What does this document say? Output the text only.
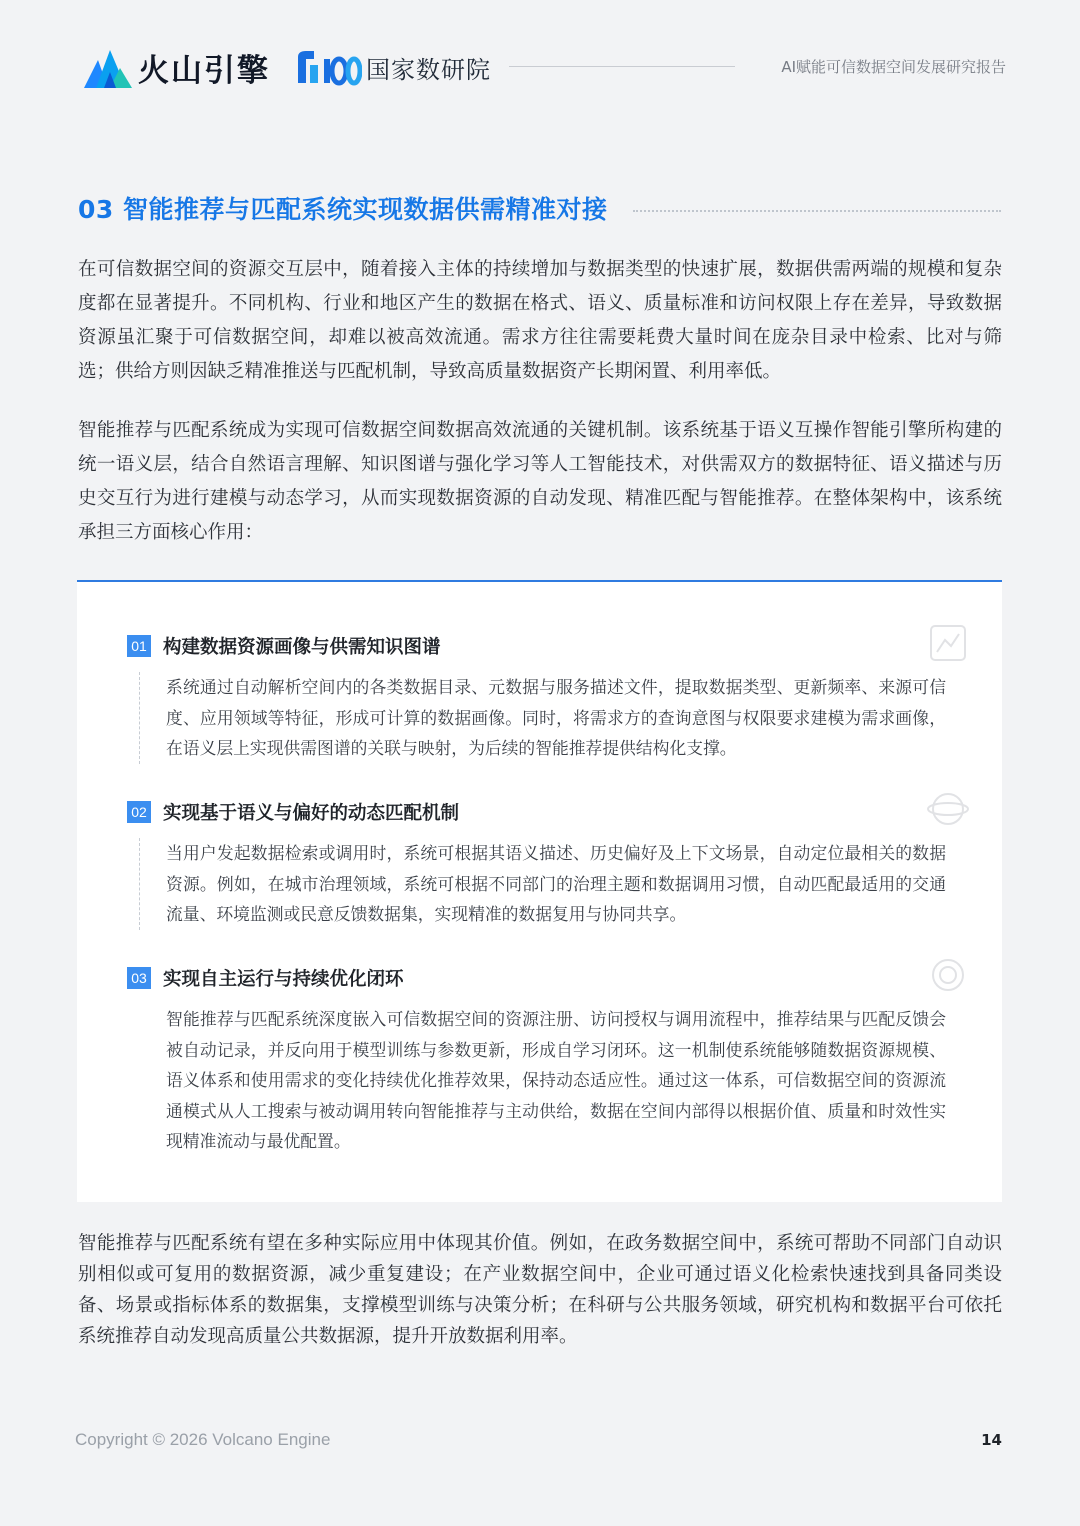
火山引擎	国家数研院	AI赋能可信数据空间发展研究报告
03 智能推荐与匹配系统实现数据供需精准对接
在可信数据空间的资源交互层中，随着接入主体的持续增加与数据类型的快速扩展，数据供需两端的规模和复杂度都在显著提升。不同机构、行业和地区产生的数据在格式、语义、质量标准和访问权限上存在差异，导致数据资源虽汇聚于可信数据空间，却难以被高效流通。需求方往往需要耗费大量时间在庞杂目录中检索、比对与筛选；供给方则因缺乏精准推送与匹配机制，导致高质量数据资产长期闲置、利用率低。
智能推荐与匹配系统成为实现可信数据空间数据高效流通的关键机制。该系统基于语义互操作智能引擎所构建的统一语义层，结合自然语言理解、知识图谱与强化学习等人工智能技术，对供需双方的数据特征、语义描述与历史交互行为进行建模与动态学习，从而实现数据资源的自动发现、精准匹配与智能推荐。在整体架构中，该系统承担三方面核心作用：
01 构建数据资源画像与供需知识图谱
系统通过自动解析空间内的各类数据目录、元数据与服务描述文件，提取数据类型、更新频率、来源可信度、应用领域等特征，形成可计算的数据画像。同时，将需求方的查询意图与权限要求建模为需求画像，在语义层上实现供需图谱的关联与映射，为后续的智能推荐提供结构化支撑。
02 实现基于语义与偏好的动态匹配机制
当用户发起数据检索或调用时，系统可根据其语义描述、历史偏好及上下文场景，自动定位最相关的数据资源。例如，在城市治理领域，系统可根据不同部门的治理主题和数据调用习惯，自动匹配最适用的交通流量、环境监测或民意反馈数据集，实现精准的数据复用与协同共享。
03 实现自主运行与持续优化闭环
智能推荐与匹配系统深度嵌入可信数据空间的资源注册、访问授权与调用流程中，推荐结果与匹配反馈会被自动记录，并反向用于模型训练与参数更新，形成自学习闭环。这一机制使系统能够随数据资源规模、语义体系和使用需求的变化持续优化推荐效果，保持动态适应性。通过这一体系，可信数据空间的资源流通模式从人工搜索与被动调用转向智能推荐与主动供给，数据在空间内部得以根据价值、质量和时效性实现精准流动与最优配置。
智能推荐与匹配系统有望在多种实际应用中体现其价值。例如，在政务数据空间中，系统可帮助不同部门自动识别相似或可复用的数据资源，减少重复建设；在产业数据空间中，企业可通过语义化检索快速找到具备同类设备、场景或指标体系的数据集，支撑模型训练与决策分析；在科研与公共服务领域，研究机构和数据平台可依托系统推荐自动发现高质量公共数据源，提升开放数据利用率。
Copyright © 2026 Volcano Engine	14
